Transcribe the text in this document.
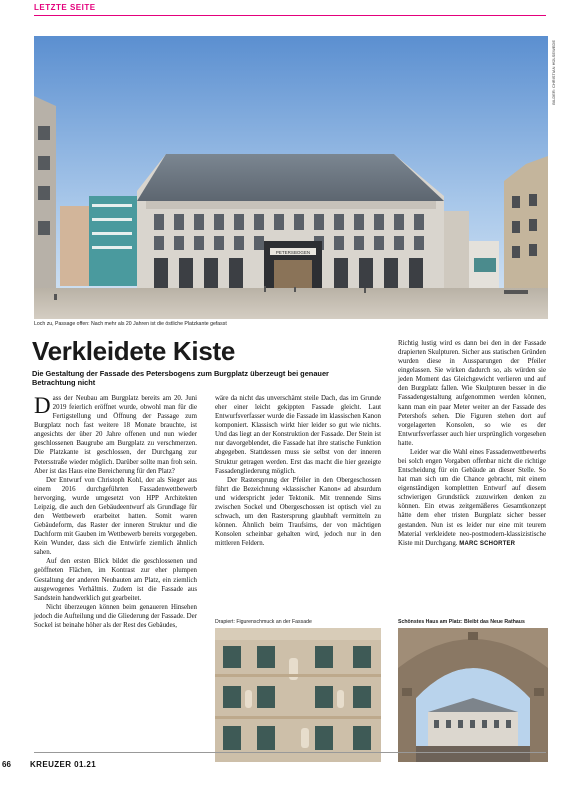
LETZTE SEITE
PETERSBOGEN
BILDER: CHRISTIAN HÜLSEWEDE
Loch zu, Passage offen: Nach mehr als 20 Jahren ist die östliche Platzkante gefasst
Verkleidete Kiste
Die Gestaltung der Fassade des Petersbogens zum Burgplatz überzeugt bei genauer Betrachtung nicht

Dass der Neubau am Burgplatz bereits am 20. Juni 2019 feierlich eröffnet wurde, obwohl man für die Fertigstellung und Öffnung der Passage zum Burgplatz noch fast weitere 18 Monate brauchte, ist angesichts der über 20 Jahre offenen und nun wieder geschlossenen Baugrube am Burgplatz zu verschmerzen. Die Platzkante ist geschlossen, der Durchgang zur Petersstraße wieder möglich. Darüber sollte man froh sein. Aber ist das Haus eine Bereicherung für den Platz?

Der Entwurf von Christoph Kohl, der als Sieger aus einem 2016 durchgeführten Fassadenwettbewerb hervorging, wurde umgesetzt von HPP Architekten Leipzig, die auch den Gebäudeentwurf als Grundlage für den Wettbewerb erarbeitet hatten. Somit waren Gebäudeform, das Raster der inneren Struktur und die Dachform mit Gauben im Wettbewerb bereits vorgegeben. Kein Wunder, dass sich die Entwürfe ziemlich ähnlich sahen.

Auf den ersten Blick bildet die geschlossenen und geöffneten Flächen, im Kontrast zur eher plumpen Gestaltung der anderen Neubauten am Platz, ein ziemlich ausgewogenes Verhältnis. Zudem ist die Fassade aus Sandstein handwerklich gut gearbeitet.

Nicht überzeugen können beim genaueren Hinsehen jedoch die Aufteilung und die Gliederung der Fassade. Der Sockel ist beinahe höher als der Rest des Gebäudes,

wäre da nicht das unverschämt steile Dach, das im Grunde eher einer leicht gekippten Fassade gleicht. Laut Entwurfsverfasser wurde die Fassade im klassischen Kanon komponiert. Klassisch wirkt hier leider so gut wie nichts. Und das liegt an der Konstruktion der Fassade. Der Stein ist nur davorgeblendet, die Fassade hat ihre statische Funktion abgegeben. Stattdessen muss sie selbst von der inneren Struktur getragen werden. Erst das macht die hier gezeigte Fassadengliederung möglich.

Der Rastersprung der Pfeiler in den Obergeschossen führt die Bezeichnung »klassischer Kanon« ad absurdum und widerspricht jeder Tektonik. Mit trennende Sims zwischen Sockel und Obergeschossen ist optisch viel zu schwach, um den Rastersprung glaubhaft vermitteln zu können. Ähnlich beim Traufsims, der von mächtigen Konsolen scheinbar gehalten wird, jedoch nur in den mittleren Feldern.

Richtig lustig wird es dann bei den in der Fassade drapierten Skulpturen. Sicher aus statischen Gründen wurden diese in Aussparungen der Pfeiler eingelassen. Sie wirken dadurch so, als würden sie jeden Moment das Gleichgewicht verlieren und auf den Burgplatz fallen. Wie Skulpturen besser in die Fassadengestaltung aufgenommen werden können, kann man ein paar Meter weiter an der Fassade des Petershofs sehen. Die Figuren stehen dort auf vorgelagerten Konsolen, so wie es der Entwurfsverfasser auch hier ursprünglich vorgesehen hatte.

Leider war die Wahl eines Fassadenwettbewerbs bei solch engen Vorgaben offenbar nicht die richtige Entscheidung für ein Gebäude an dieser Stelle. So hat man sich um die Chance gebracht, mit einem eigenständigen komplettten Entwurf auf diesem schwierigen Grundstück zuzuwirken denken zu können. Ein etwas zeitgemäßeres Gesamtkonzept hätte dem eher tristen Burgplatz sicher besser gestanden. Nun ist es leider nur eine mit teurem Material verkleidete neo-postmodern-klassizistische Kiste mit Durchgang. MARC SCHORTER

Drapiert: Figurenschmuck an der Fassade	Schönstes Haus am Platz: Bleibt das Neue Rathaus
66 KREUZER 01.21
